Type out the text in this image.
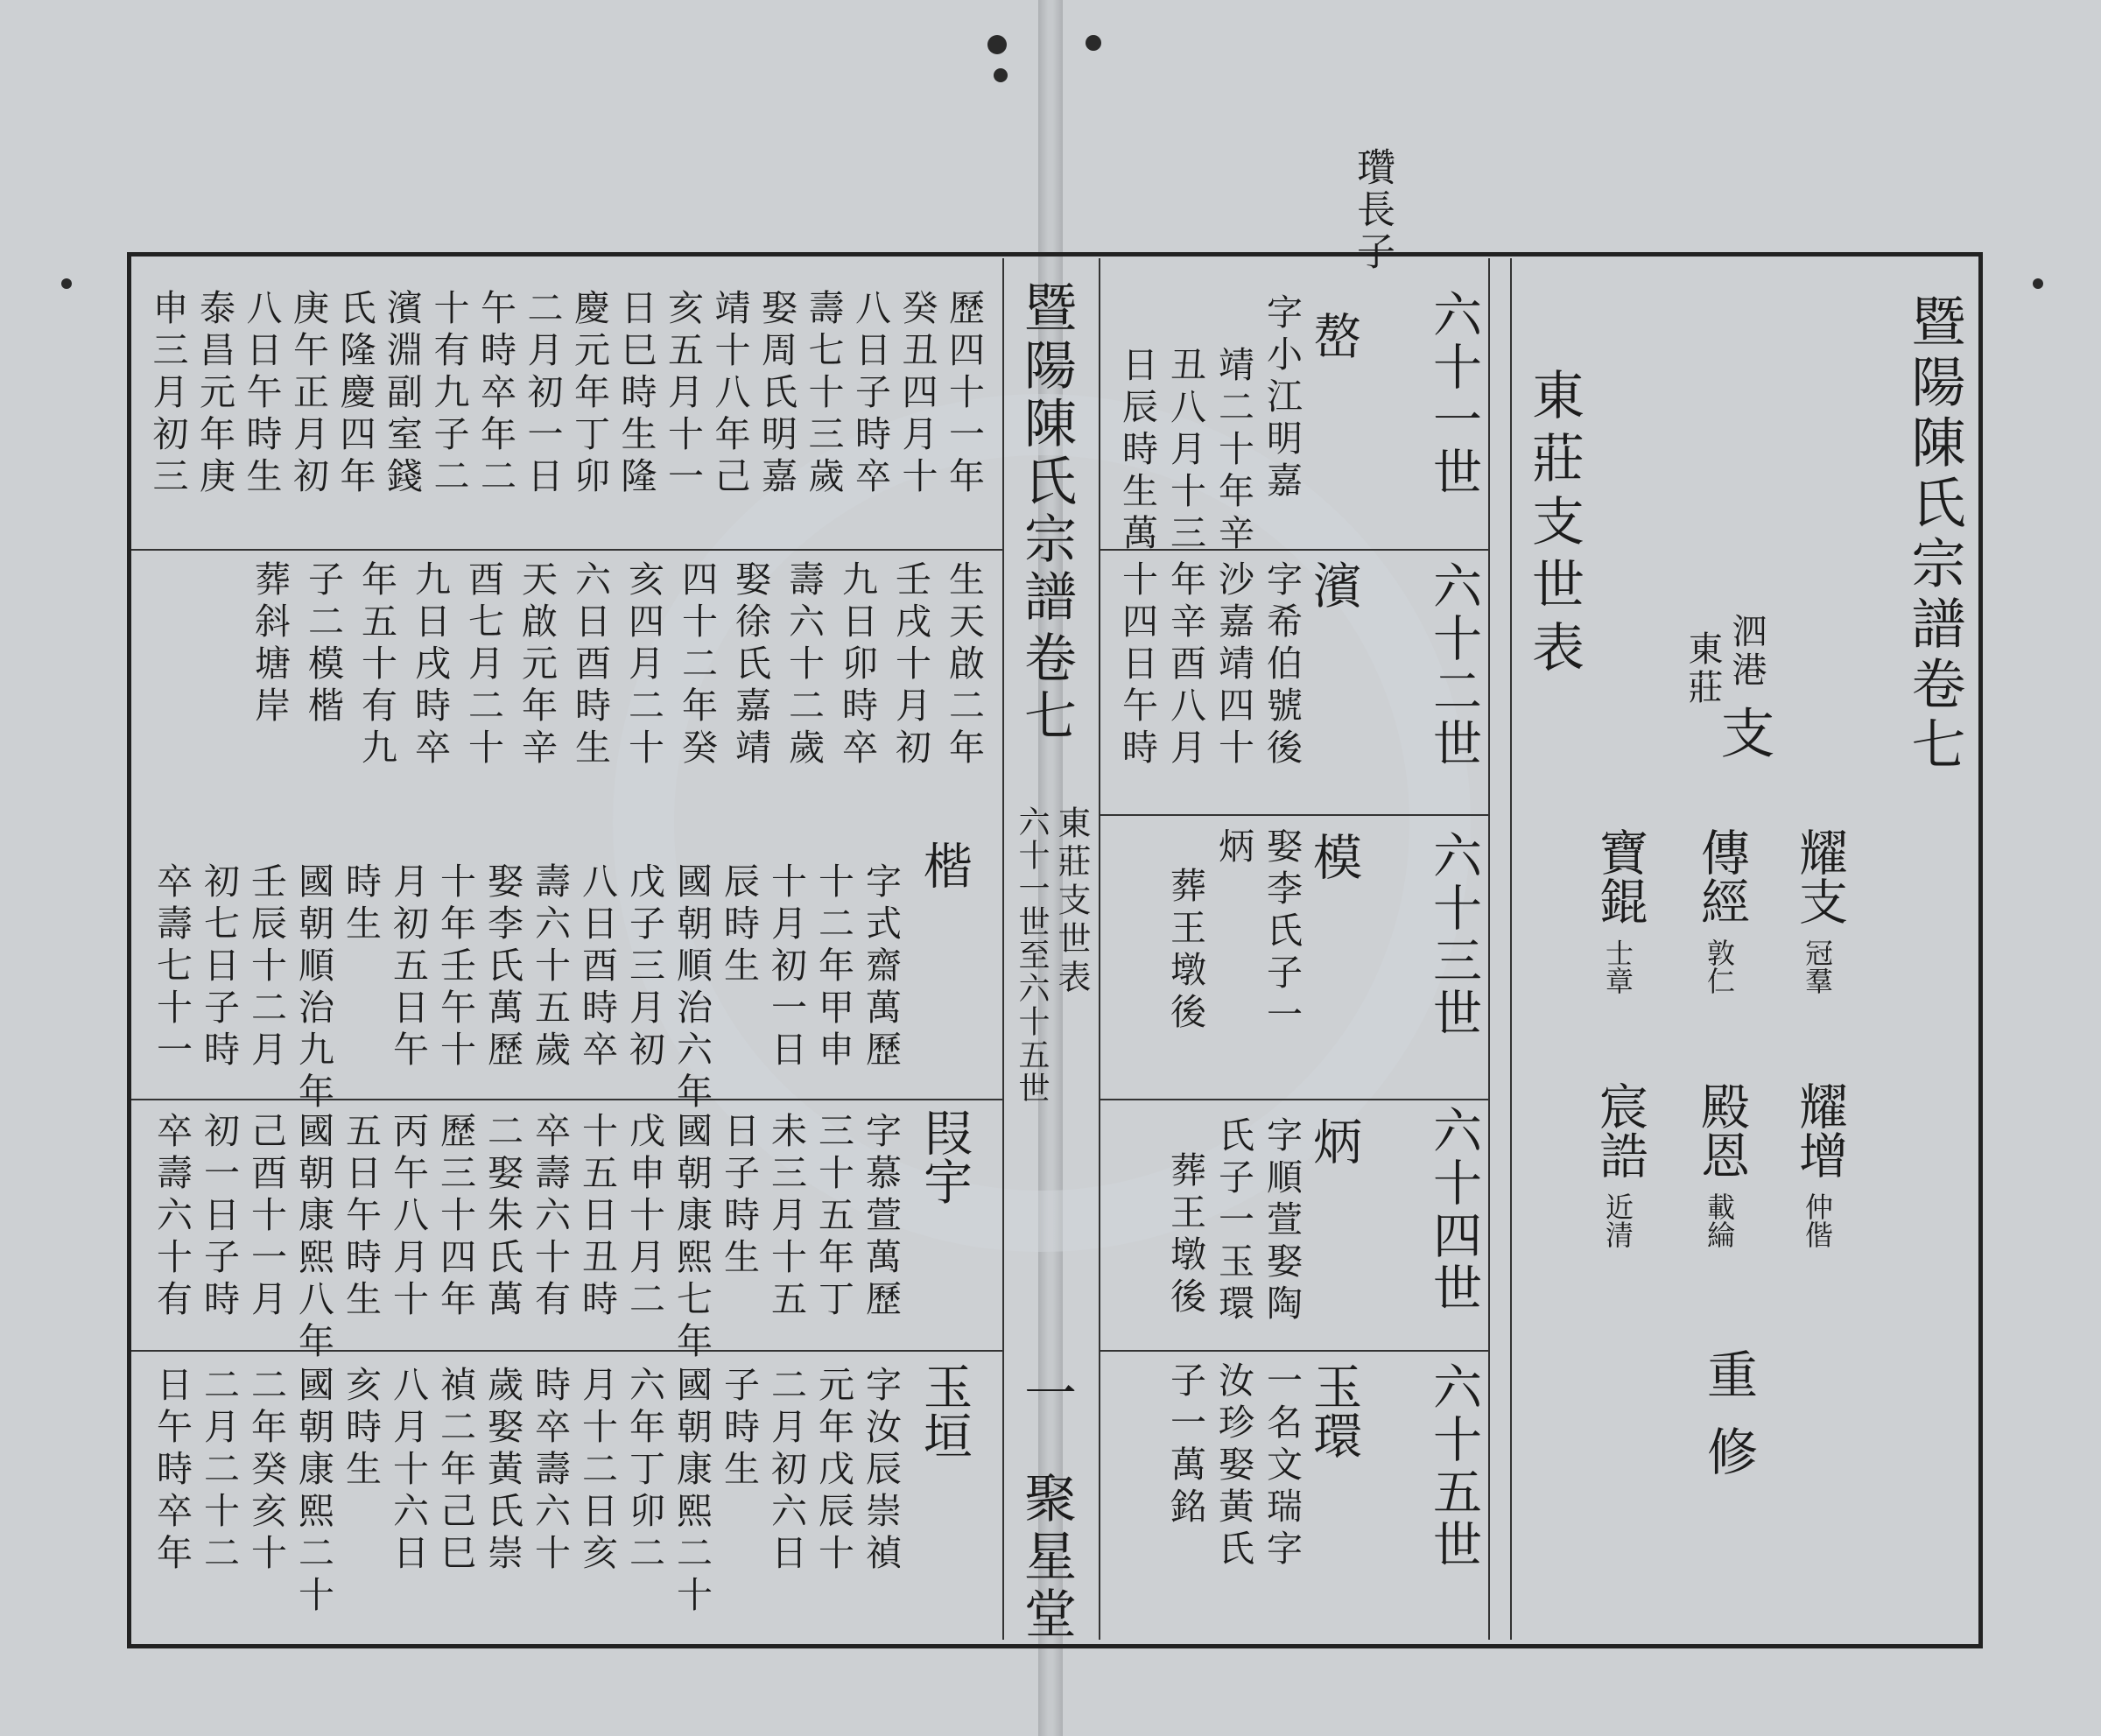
瓚長子
暨陽陳氏宗譜卷七
東莊支世表	泗港
東莊
支
耀支
冠羣
耀增
仲偕
傳經
敦仁
殿恩
載綸
寶錕
士章
宸誥
近清
重修
六十一世
六十二世
六十三世
六十四世
六十五世
嶅
濱
模
炳
玉環
字小江明嘉
靖二十年辛
丑八月十三
日辰時生萬
字希伯號後
沙嘉靖四十
年辛酉八月
十四日午時
娶李氏子一
炳
葬王墩後
字順萱娶陶
氏子一玉環
葬王墩後
一名文瑞字
汝珍娶黃氏
子一萬銘
暨陽陳氏宗譜
卷七
東莊支世表
六十一世至六十五世
一
聚星堂
歷四十一年
癸丑四月十
八日子時卒
壽七十三歲
娶周氏明嘉
靖十八年己
亥五月十一
日巳時生隆
慶元年丁卯
二月初一日
午時卒年二
十有九子二
濱淵副室錢
氏隆慶四年
庚午正月初
八日午時生
泰昌元年庚
申三月初三
生天啟二年
壬戌十月初
九日卯時卒
壽六十二歲
娶徐氏嘉靖
四十二年癸
亥四月二十
六日酉時生
天啟元年辛
酉七月二十
九日戌時卒
年五十有九
子二模楷
葬斜塘岸
楷
叚宇
玉垣
字式齋萬歷
十二年甲申
十月初一日
辰時生
國朝順治六年
戊子三月初
八日酉時卒
壽六十五歲
娶李氏萬歷
十年壬午十
月初五日午
時生
國朝順治九年
壬辰十二月
初七日子時
卒壽七十一
字慕萱萬歷
三十五年丁
未三月十五
日子時生
國朝康熙七年
戊申十月二
十五日丑時
卒壽六十有
二娶朱氏萬
歷三十四年
丙午八月十
五日午時生
國朝康熙八年
己酉十一月
初一日子時
卒壽六十有
字汝辰崇禎
元年戊辰十
二月初六日
子時生
國朝康熙二十
六年丁卯二
月十二日亥
時卒壽六十
歲娶黃氏崇
禎二年己巳
八月十六日
亥時生
國朝康熙二十
二年癸亥十
二月二十二
日午時卒年
